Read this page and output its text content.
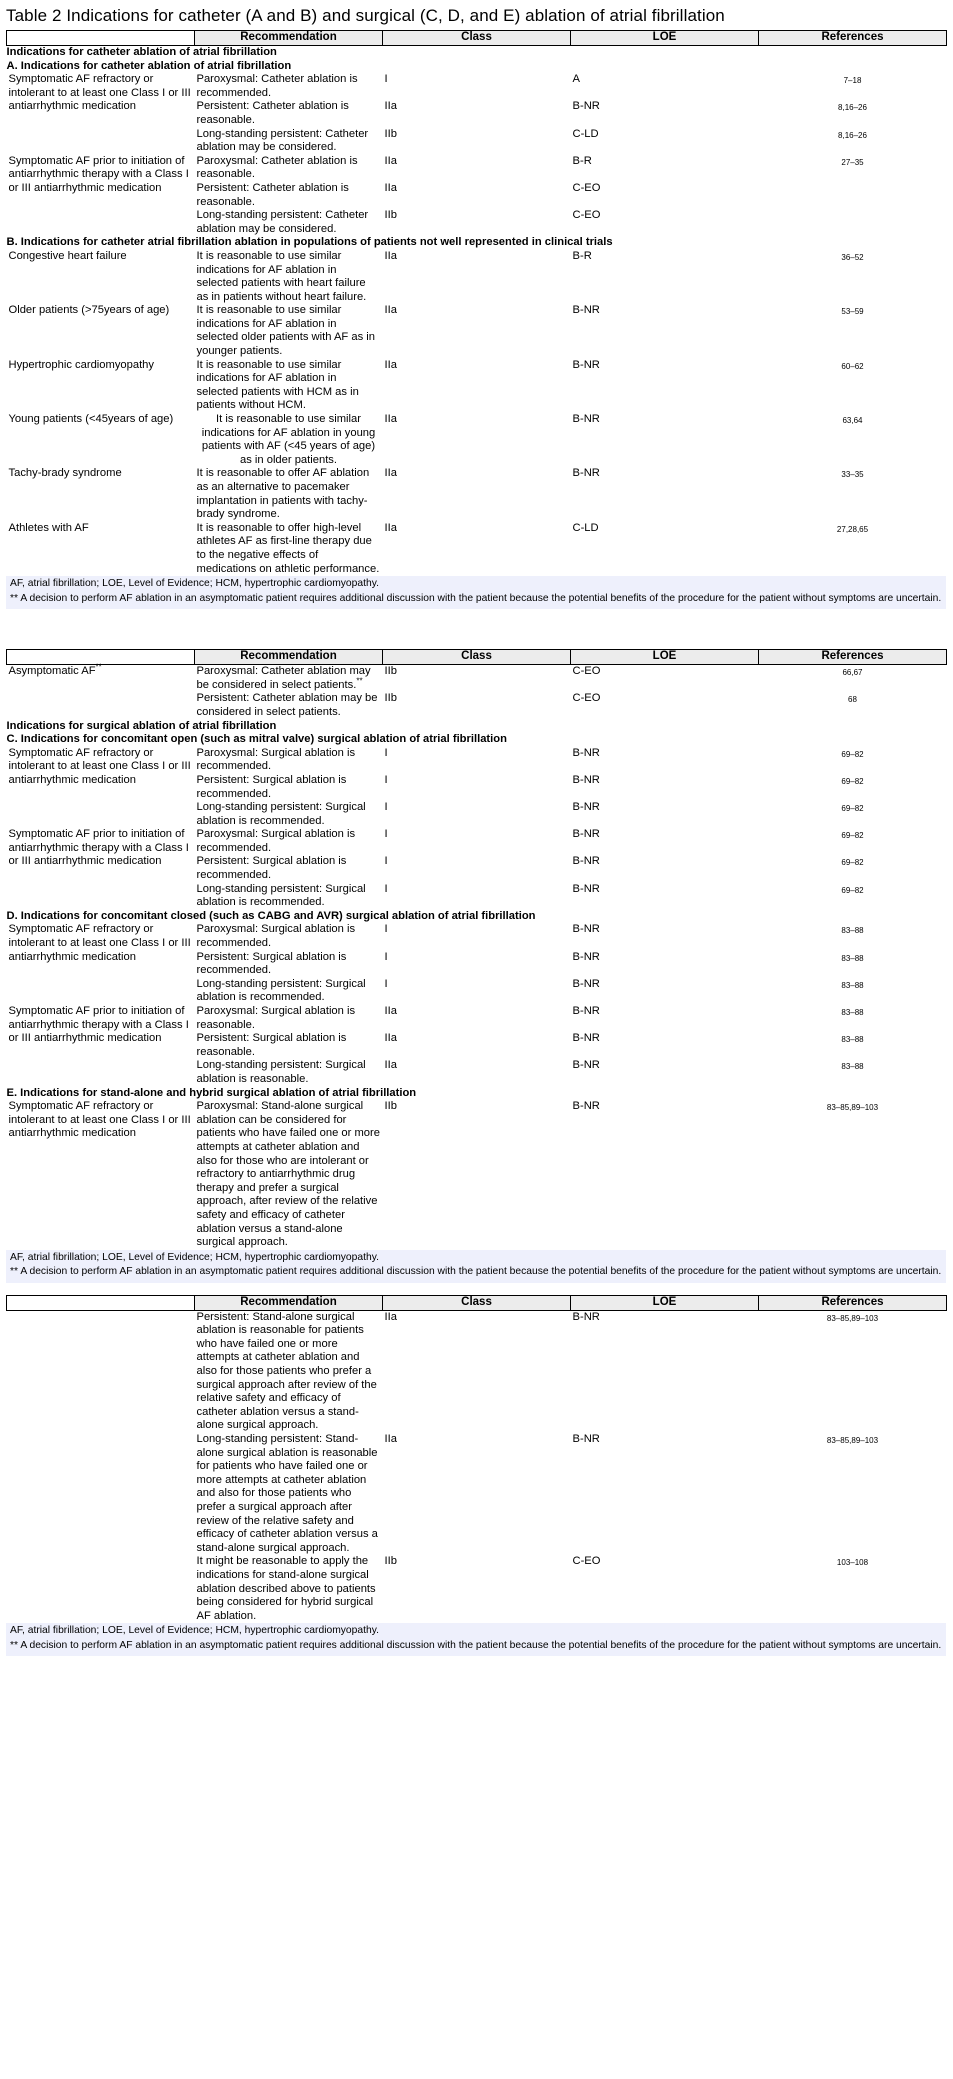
Table 2 Indications for catheter (A and B) and surgical (C, D, and E) ablation of atrial fibrillation
	Recommendation	Class	LOE	References
Indications for catheter ablation of atrial fibrillation				
A. Indications for catheter ablation of atrial fibrillation				
Symptomatic AF refractory or intolerant to at least one Class I or III antiarrhythmic medication	Paroxysmal: Catheter ablation is recommended.	I	A	7–18
	Persistent: Catheter ablation is reasonable.	IIa	B-NR	8,16–26
	Long-standing persistent: Catheter ablation may be considered.	IIb	C-LD	8,16–26
Symptomatic AF prior to initiation of antiarrhythmic therapy with a Class I or III antiarrhythmic medication	Paroxysmal: Catheter ablation is reasonable.	IIa	B-R	27–35
	Persistent: Catheter ablation is reasonable.	IIa	C-EO	
	Long-standing persistent: Catheter ablation may be considered.	IIb	C-EO	
B. Indications for catheter atrial fibrillation ablation in populations of patients not well represented in clinical trials				
Congestive heart failure	It is reasonable to use similar indications for AF ablation in selected patients with heart failure as in patients without heart failure.	IIa	B-R	36–52
Older patients (>75years of age)	It is reasonable to use similar indications for AF ablation in selected older patients with AF as in younger patients.	IIa	B-NR	53–59
Hypertrophic cardiomyopathy	It is reasonable to use similar indications for AF ablation in selected patients with HCM as in patients without HCM.	IIa	B-NR	60–62
Young patients (<45years of age)	It is reasonable to use similar indications for AF ablation in young patients with AF (<45 years of age) as in older patients.	IIa	B-NR	63,64
Tachy-brady syndrome	It is reasonable to offer AF ablation as an alternative to pacemaker implantation in patients with tachy-brady syndrome.	IIa	B-NR	33–35
Athletes with AF	It is reasonable to offer high-level athletes AF as first-line therapy due to the negative effects of medications on athletic performance.	IIa	C-LD	27,28,65

AF, atrial fibrillation; LOE, Level of Evidence; HCM, hypertrophic cardiomyopathy.

** A decision to perform AF ablation in an asymptomatic patient requires additional discussion with the patient because the potential benefits of the procedure for the patient without symptoms are uncertain.

	Recommendation	Class	LOE	References
Asymptomatic AF**	Paroxysmal: Catheter ablation may be considered in select patients.**	IIb	C-EO	66,67
	Persistent: Catheter ablation may be considered in select patients.	IIb	C-EO	68
Indications for surgical ablation of atrial fibrillation				
C. Indications for concomitant open (such as mitral valve) surgical ablation of atrial fibrillation				
Symptomatic AF refractory or intolerant to at least one Class I or III antiarrhythmic medication	Paroxysmal: Surgical ablation is recommended.	I	B-NR	69–82
	Persistent: Surgical ablation is recommended.	I	B-NR	69–82
	Long-standing persistent: Surgical ablation is recommended.	I	B-NR	69–82
Symptomatic AF prior to initiation of antiarrhythmic therapy with a Class I or III antiarrhythmic medication	Paroxysmal: Surgical ablation is recommended.	I	B-NR	69–82
	Persistent: Surgical ablation is recommended.	I	B-NR	69–82
	Long-standing persistent: Surgical ablation is recommended.	I	B-NR	69–82
D. Indications for concomitant closed (such as CABG and AVR) surgical ablation of atrial fibrillation				
Symptomatic AF refractory or intolerant to at least one Class I or III antiarrhythmic medication	Paroxysmal: Surgical ablation is recommended.	I	B-NR	83–88
	Persistent: Surgical ablation is recommended.	I	B-NR	83–88
	Long-standing persistent: Surgical ablation is recommended.	I	B-NR	83–88
Symptomatic AF prior to initiation of antiarrhythmic therapy with a Class I or III antiarrhythmic medication	Paroxysmal: Surgical ablation is reasonable.	IIa	B-NR	83–88
	Persistent: Surgical ablation is reasonable.	IIa	B-NR	83–88
	Long-standing persistent: Surgical ablation is reasonable.	IIa	B-NR	83–88
E. Indications for stand-alone and hybrid surgical ablation of atrial fibrillation				
Symptomatic AF refractory or intolerant to at least one Class I or III antiarrhythmic medication	Paroxysmal: Stand-alone surgical ablation can be considered for patients who have failed one or more attempts at catheter ablation and also for those who are intolerant or refractory to antiarrhythmic drug therapy and prefer a surgical approach, after review of the relative safety and efficacy of catheter ablation versus a stand-alone surgical approach.	IIb	B-NR	83–85,89–103

AF, atrial fibrillation; LOE, Level of Evidence; HCM, hypertrophic cardiomyopathy.

** A decision to perform AF ablation in an asymptomatic patient requires additional discussion with the patient because the potential benefits of the procedure for the patient without symptoms are uncertain.

	Recommendation	Class	LOE	References
	Persistent: Stand-alone surgical ablation is reasonable for patients who have failed one or more attempts at catheter ablation and also for those patients who prefer a surgical approach after review of the relative safety and efficacy of catheter ablation versus a stand-alone surgical approach.	IIa	B-NR	83–85,89–103
	Long-standing persistent: Stand-alone surgical ablation is reasonable for patients who have failed one or more attempts at catheter ablation and also for those patients who prefer a surgical approach after review of the relative safety and efficacy of catheter ablation versus a stand-alone surgical approach.	IIa	B-NR	83–85,89–103
	It might be reasonable to apply the indications for stand-alone surgical ablation described above to patients being considered for hybrid surgical AF ablation.	IIb	C-EO	103–108

AF, atrial fibrillation; LOE, Level of Evidence; HCM, hypertrophic cardiomyopathy.

** A decision to perform AF ablation in an asymptomatic patient requires additional discussion with the patient because the potential benefits of the procedure for the patient without symptoms are uncertain.
